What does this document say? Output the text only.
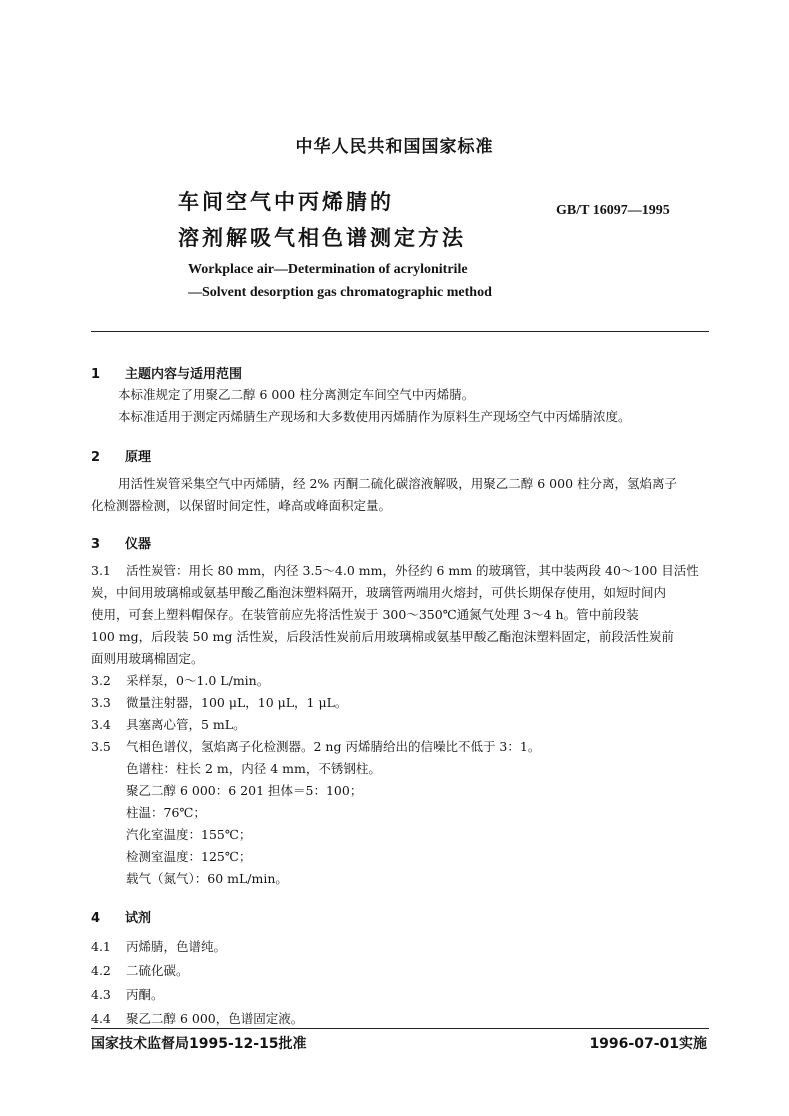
中华人民共和国国家标准
车间空气中丙烯腈的
溶剂解吸气相色谱测定方法
GB/T 16097—1995
Workplace air—Determination of acrylonitrile
—Solvent desorption gas chromatographic method
1 主题内容与适用范围
本标准规定了用聚乙二醇 6 000 柱分离测定车间空气中丙烯腈。
本标准适用于测定丙烯腈生产现场和大多数使用丙烯腈作为原料生产现场空气中丙烯腈浓度。
2 原理
用活性炭管采集空气中丙烯腈，经 2% 丙酮二硫化碳溶液解吸，用聚乙二醇 6 000 柱分离，氢焰离子
化检测器检测，以保留时间定性，峰高或峰面积定量。
3 仪器
3.1 活性炭管：用长 80 mm，内径 3.5～4.0 mm，外径约 6 mm 的玻璃管，其中装两段 40～100 目活性
炭，中间用玻璃棉或氨基甲酸乙酯泡沫塑料隔开，玻璃管两端用火熔封，可供长期保存使用，如短时间内
使用，可套上塑料帽保存。在装管前应先将活性炭于 300～350℃通氮气处理 3～4 h。管中前段装
100 mg，后段装 50 mg 活性炭，后段活性炭前后用玻璃棉或氨基甲酸乙酯泡沫塑料固定，前段活性炭前
面则用玻璃棉固定。
3.2 采样泵，0～1.0 L/min。
3.3 微量注射器，100 μL，10 μL，1 μL。
3.4 具塞离心管，5 mL。
3.5 气相色谱仪，氢焰离子化检测器。2 ng 丙烯腈给出的信噪比不低于 3：1。
色谱柱：柱长 2 m，内径 4 mm，不锈钢柱。
聚乙二醇 6 000：6 201 担体＝5：100；
柱温：76℃；
汽化室温度：155℃；
检测室温度：125℃；
载气（氮气）：60 mL/min。
4 试剂
4.1 丙烯腈，色谱纯。
4.2 二硫化碳。
4.3 丙酮。
4.4 聚乙二醇 6 000，色谱固定液。
国家技术监督局1995-12-15批准	1996-07-01实施
